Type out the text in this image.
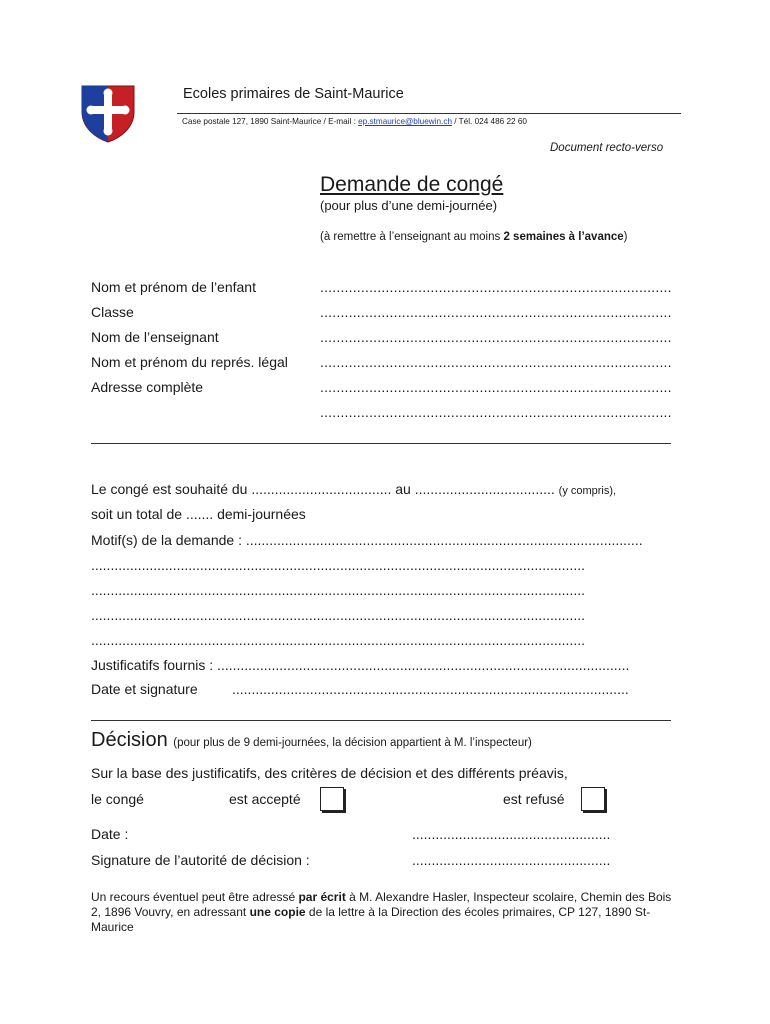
Ecoles primaires de Saint-Maurice
Case postale 127, 1890 Saint-Maurice / E-mail : ep.stmaurice@bluewin.ch / Tél. 024 486 22 60
Document recto-verso
Demande de congé
(pour plus d’une demi-journée)
(à remettre à l’enseignant au moins 2 semaines à l’avance)
Nom et prénom de l’enfant	......................................................................................
Classe	......................................................................................
Nom de l’enseignant	......................................................................................
Nom et prénom du représ. légal ......................................................................................
Adresse complète	......................................................................................
......................................................................................
Le congé est souhaité du .................................... au .................................... (y compris),
soit un total de ....... demi-journées
Motif(s) de la demande : ......................................................................................................
...............................................................................................................................
...............................................................................................................................
...............................................................................................................................
...............................................................................................................................
Justificatifs fournis : ..........................................................................................................
Date et signature ......................................................................................................
Décision (pour plus de 9 demi-journées, la décision appartient à M. l’inspecteur)
Sur la base des justificatifs, des critères de décision et des différents préavis,
le congé	est accepté	est refusé
Date :	...................................................
Signature de l’autorité de décision :	...................................................
Un recours éventuel peut être adressé par écrit à M. Alexandre Hasler, Inspecteur scolaire, Chemin des Bois 2, 1896 Vouvry, en adressant une copie de la lettre à la Direction des écoles primaires, CP 127, 1890 St-Maurice
